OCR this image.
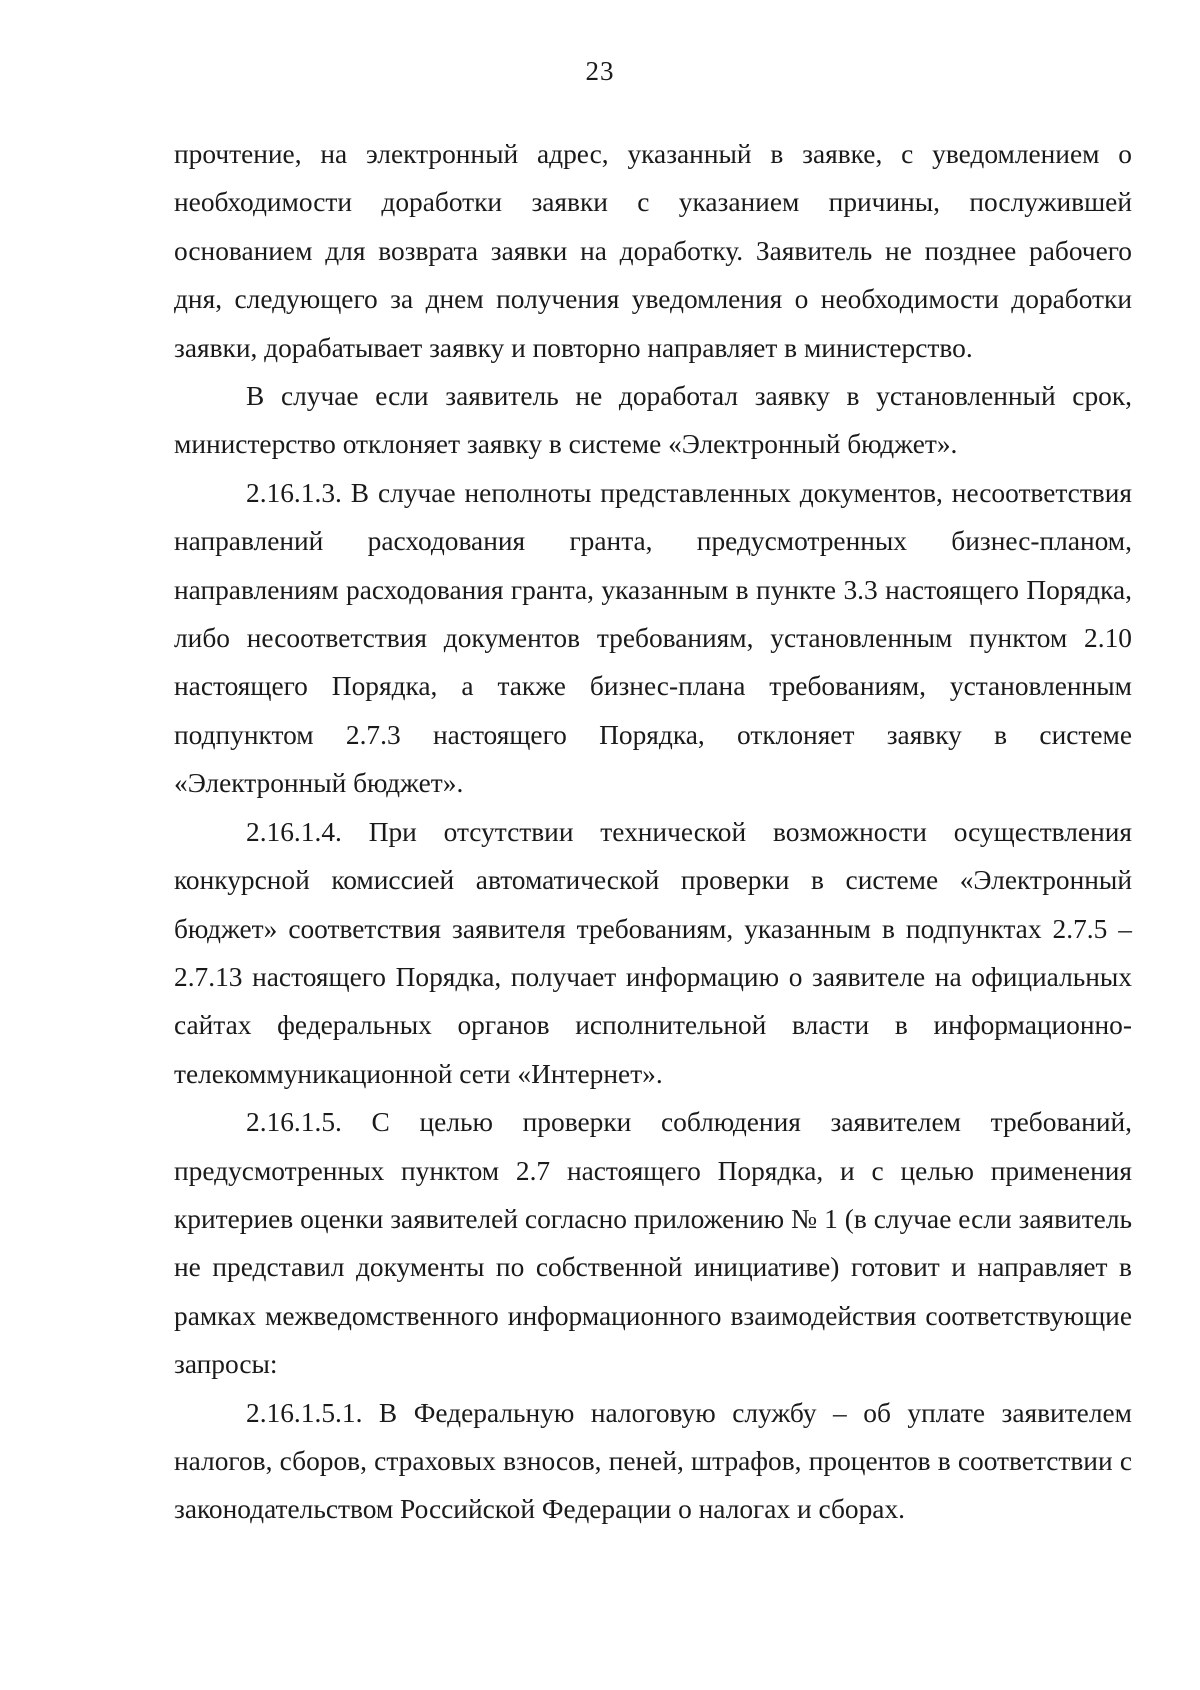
23

прочтение, на электронный адрес, указанный в заявке, с уведомлением о необходимости доработки заявки с указанием причины, послужившей основанием для возврата заявки на доработку. Заявитель не позднее рабочего дня, следующего за днем получения уведомления о необходимости доработки заявки, дорабатывает заявку и повторно направляет в министерство.

В случае если заявитель не доработал заявку в установленный срок, министерство отклоняет заявку в системе «Электронный бюджет».

2.16.1.3. В случае неполноты представленных документов, несоответствия направлений расходования гранта, предусмотренных бизнес-планом, направлениям расходования гранта, указанным в пункте 3.3 настоящего Порядка, либо несоответствия документов требованиям, установленным пунктом 2.10 настоящего Порядка, а также бизнес-плана требованиям, установленным подпунктом 2.7.3 настоящего Порядка, отклоняет заявку в системе «Электронный бюджет».

2.16.1.4. При отсутствии технической возможности осуществления конкурсной комиссией автоматической проверки в системе «Электронный бюджет» соответствия заявителя требованиям, указанным в подпунктах 2.7.5 – 2.7.13 настоящего Порядка, получает информацию о заявителе на официальных сайтах федеральных органов исполнительной власти в информационно-телекоммуникационной сети «Интернет».

2.16.1.5. С целью проверки соблюдения заявителем требований, предусмотренных пунктом 2.7 настоящего Порядка, и с целью применения критериев оценки заявителей согласно приложению № 1 (в случае если заявитель не представил документы по собственной инициативе) готовит и направляет в рамках межведомственного информационного взаимодействия соответствующие запросы:

2.16.1.5.1. В Федеральную налоговую службу – об уплате заявителем налогов, сборов, страховых взносов, пеней, штрафов, процентов в соответствии с законодательством Российской Федерации о налогах и сборах.
